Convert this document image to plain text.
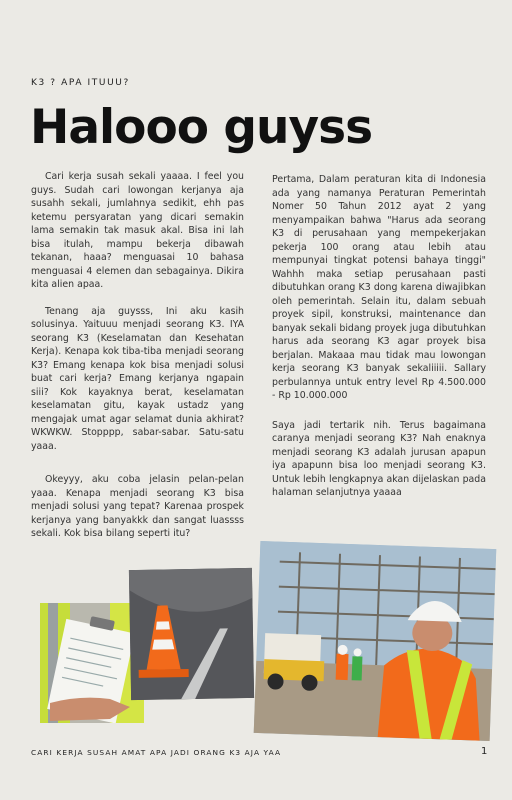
K3 ? APA ITUUU?
Halooo guyss

Cari kerja susah sekali yaaaa. I feel you guys. Sudah cari lowongan kerjanya aja susahh sekali, jumlahnya sedikit, ehh pas ketemu persyaratan yang dicari semakin lama semakin tak masuk akal. Bisa ini lah bisa itulah, mampu bekerja dibawah tekanan, haaa? menguasai 10 bahasa menguasai 4 elemen dan sebagainya. Dikira kita alien apaa.

Tenang aja guysss, Ini aku kasih solusinya. Yaituuu menjadi seorang K3. IYA seorang K3 (Keselamatan dan Kesehatan Kerja). Kenapa kok tiba-tiba menjadi seorang K3? Emang kenapa kok bisa menjadi solusi buat cari kerja? Emang kerjanya ngapain siii? Kok kayaknya berat, keselamatan keselamatan gitu, kayak ustadz yang mengajak umat agar selamat dunia akhirat? WKWKW. Stopppp, sabar-sabar. Satu-satu yaaa.

Okeyyy, aku coba jelasin pelan-pelan yaaa. Kenapa menjadi seorang K3 bisa menjadi solusi yang tepat? Karenaa prospek kerjanya yang banyakkk dan sangat luassss sekali. Kok bisa bilang seperti itu?

Pertama, Dalam peraturan kita di Indonesia ada yang namanya Peraturan Pemerintah Nomer 50 Tahun 2012 ayat 2 yang menyampaikan bahwa "Harus ada seorang K3 di perusahaan yang mempekerjakan pekerja 100 orang atau lebih atau mempunyai tingkat potensi bahaya tinggi" Wahhh maka setiap perusahaan pasti dibutuhkan orang K3 dong karena diwajibkan oleh pemerintah. Selain itu, dalam sebuah proyek sipil, konstruksi, maintenance dan banyak sekali bidang proyek juga dibutuhkan harus ada seorang K3 agar proyek bisa berjalan. Makaaa mau tidak mau lowongan kerja seorang K3 banyak sekaliiiii. Sallary perbulannya untuk entry level Rp 4.500.000 - Rp 10.000.000

Saya jadi tertarik nih. Terus bagaimana caranya menjadi seorang K3? Nah enaknya menjadi seorang K3 adalah jurusan apapun iya apapunn bisa loo menjadi seorang K3. Untuk lebih lengkapnya akan dijelaskan pada halaman selanjutnya yaaaa

CARI KERJA SUSAH AMAT APA JADI ORANG K3 AJA YAA	1
